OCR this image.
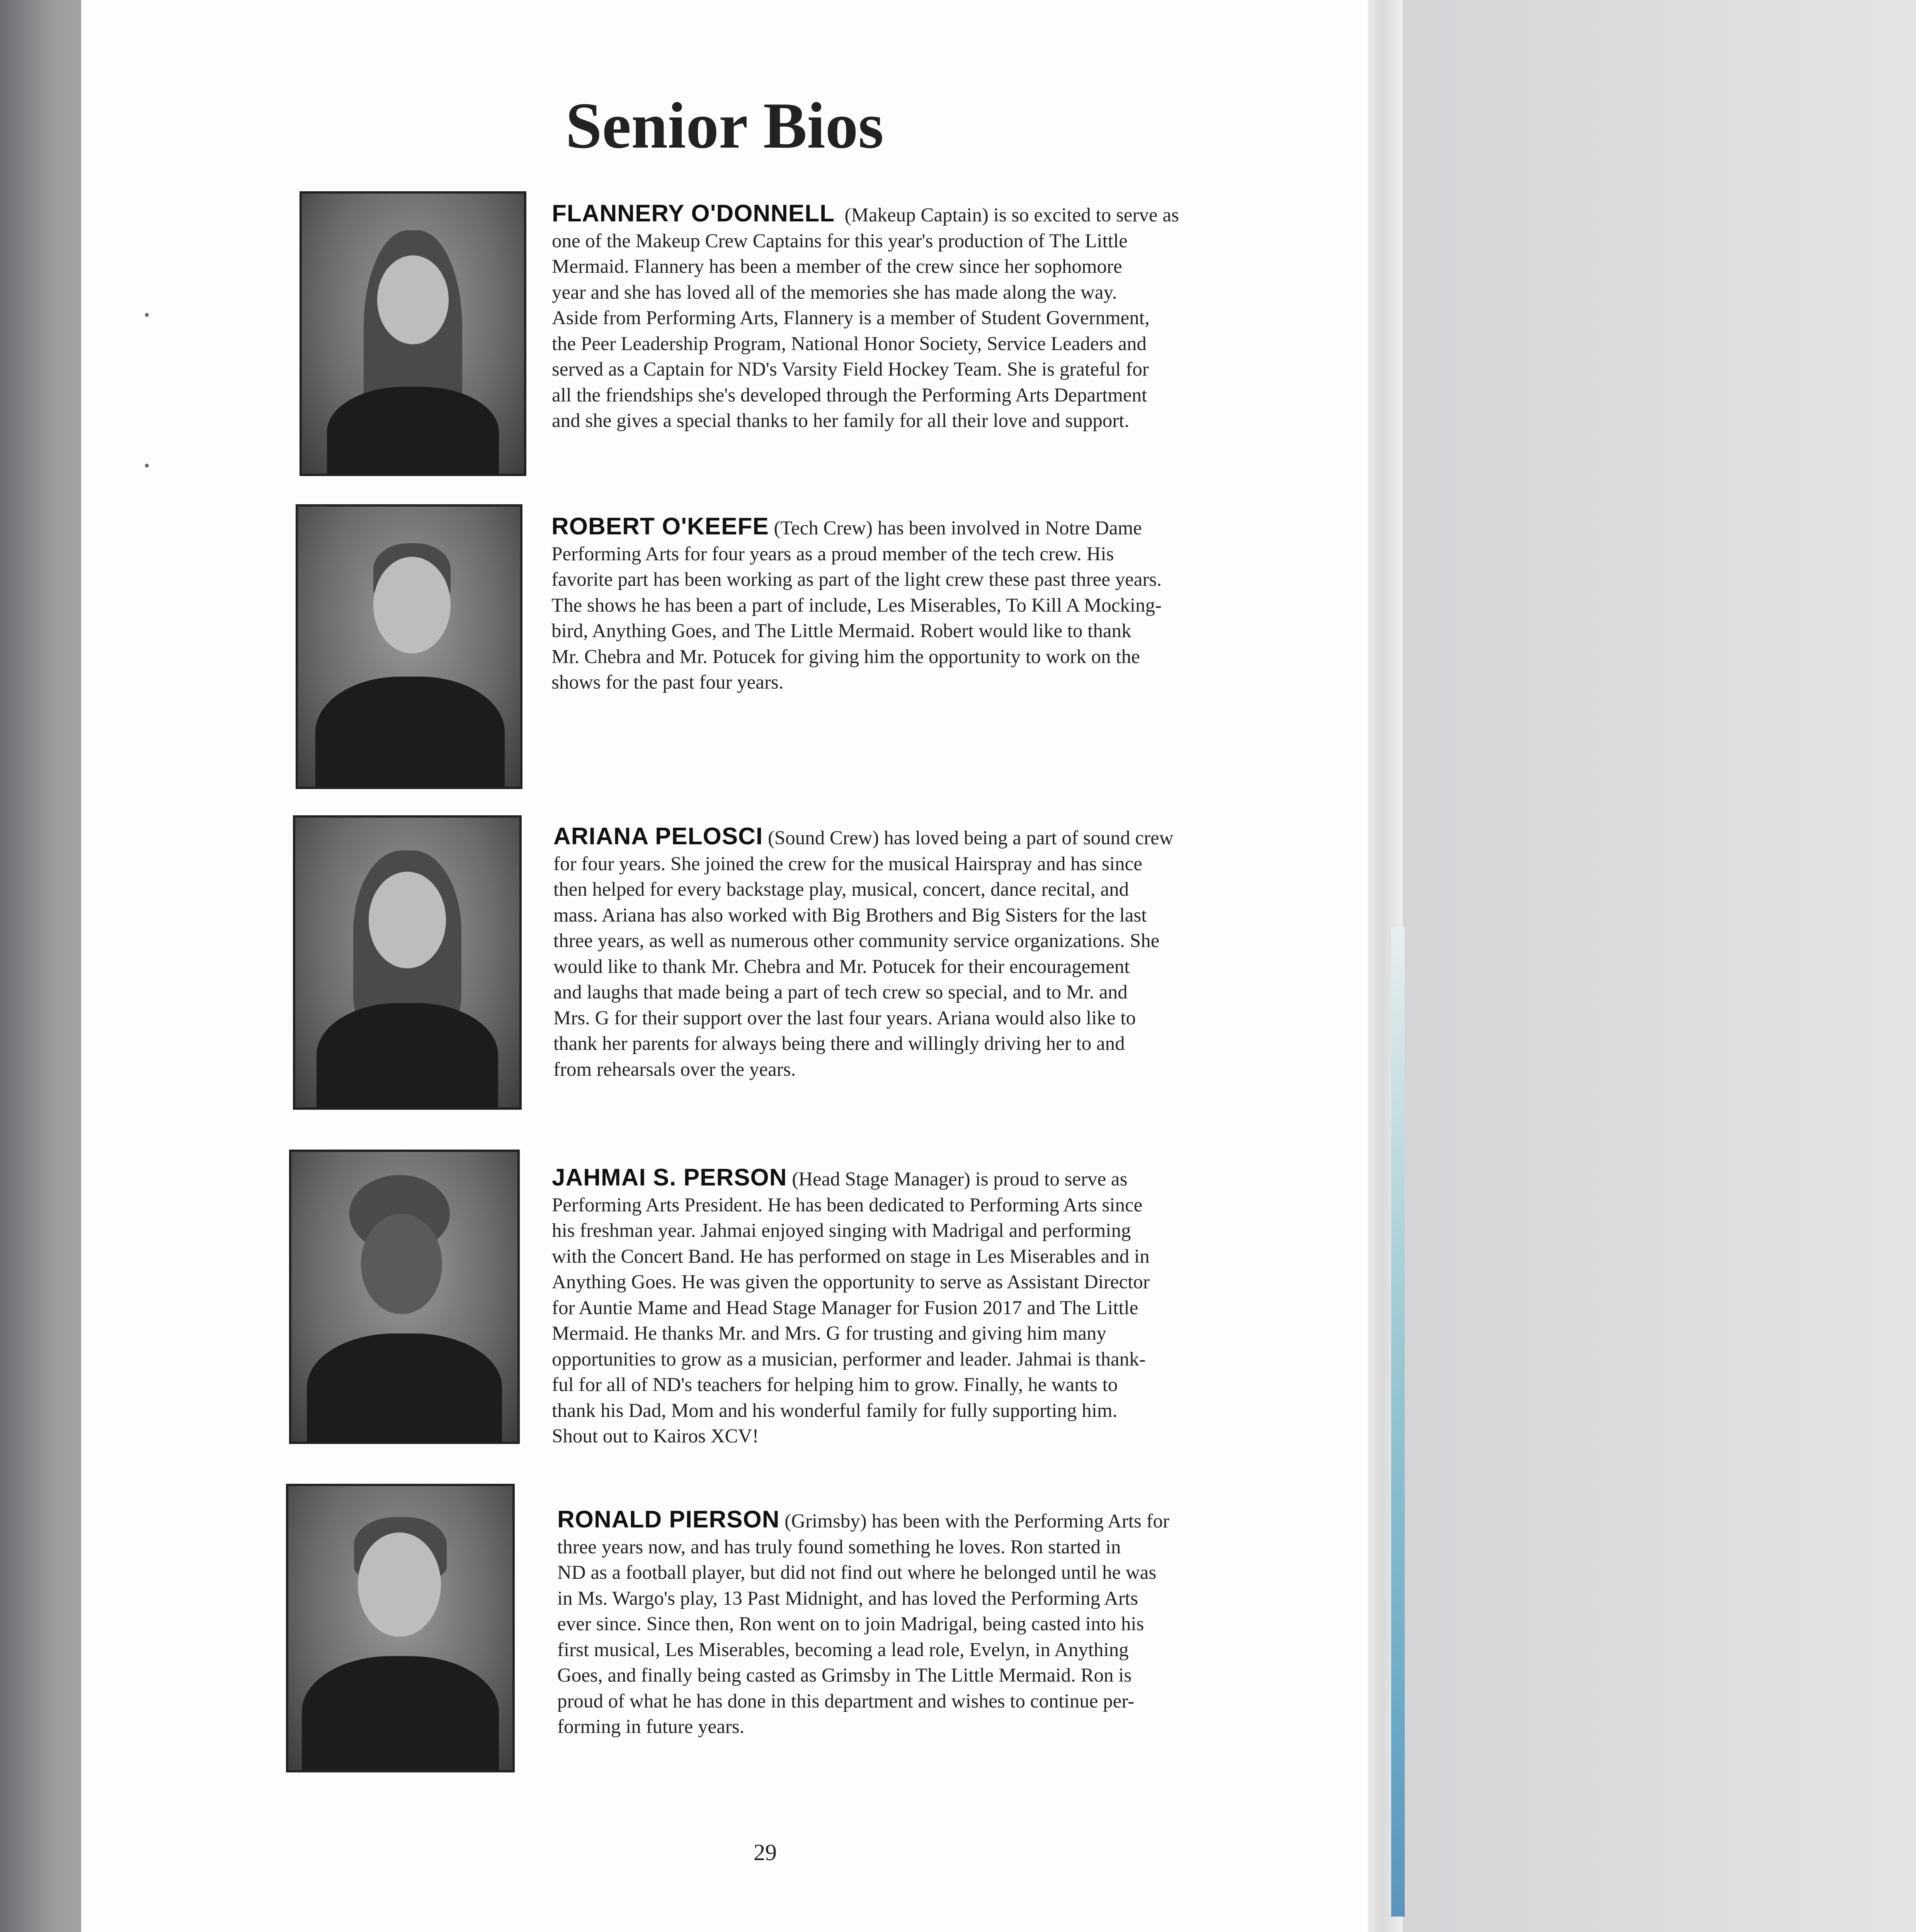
Senior Bios
FLANNERY O'DONNELL (Makeup Captain) is so excited to serve as
one of the Makeup Crew Captains for this year's production of The Little
Mermaid. Flannery has been a member of the crew since her sophomore
year and she has loved all of the memories she has made along the way.
Aside from Performing Arts, Flannery is a member of Student Government,
the Peer Leadership Program, National Honor Society, Service Leaders and
served as a Captain for ND's Varsity Field Hockey Team. She is grateful for
all the friendships she's developed through the Performing Arts Department
and she gives a special thanks to her family for all their love and support.
ROBERT O'KEEFE (Tech Crew) has been involved in Notre Dame
Performing Arts for four years as a proud member of the tech crew. His
favorite part has been working as part of the light crew these past three years.
The shows he has been a part of include, Les Miserables, To Kill A Mocking-
bird, Anything Goes, and The Little Mermaid. Robert would like to thank
Mr. Chebra and Mr. Potucek for giving him the opportunity to work on the
shows for the past four years.
ARIANA PELOSCI (Sound Crew) has loved being a part of sound crew
for four years. She joined the crew for the musical Hairspray and has since
then helped for every backstage play, musical, concert, dance recital, and
mass. Ariana has also worked with Big Brothers and Big Sisters for the last
three years, as well as numerous other community service organizations. She
would like to thank Mr. Chebra and Mr. Potucek for their encouragement
and laughs that made being a part of tech crew so special, and to Mr. and
Mrs. G for their support over the last four years. Ariana would also like to
thank her parents for always being there and willingly driving her to and
from rehearsals over the years.
JAHMAI S. PERSON (Head Stage Manager) is proud to serve as
Performing Arts President. He has been dedicated to Performing Arts since
his freshman year. Jahmai enjoyed singing with Madrigal and performing
with the Concert Band. He has performed on stage in Les Miserables and in
Anything Goes. He was given the opportunity to serve as Assistant Director
for Auntie Mame and Head Stage Manager for Fusion 2017 and The Little
Mermaid. He thanks Mr. and Mrs. G for trusting and giving him many
opportunities to grow as a musician, performer and leader. Jahmai is thank-
ful for all of ND's teachers for helping him to grow. Finally, he wants to
thank his Dad, Mom and his wonderful family for fully supporting him.
Shout out to Kairos XCV!
RONALD PIERSON (Grimsby) has been with the Performing Arts for
three years now, and has truly found something he loves. Ron started in
ND as a football player, but did not find out where he belonged until he was
in Ms. Wargo's play, 13 Past Midnight, and has loved the Performing Arts
ever since. Since then, Ron went on to join Madrigal, being casted into his
first musical, Les Miserables, becoming a lead role, Evelyn, in Anything
Goes, and finally being casted as Grimsby in The Little Mermaid. Ron is
proud of what he has done in this department and wishes to continue per-
forming in future years.
29
